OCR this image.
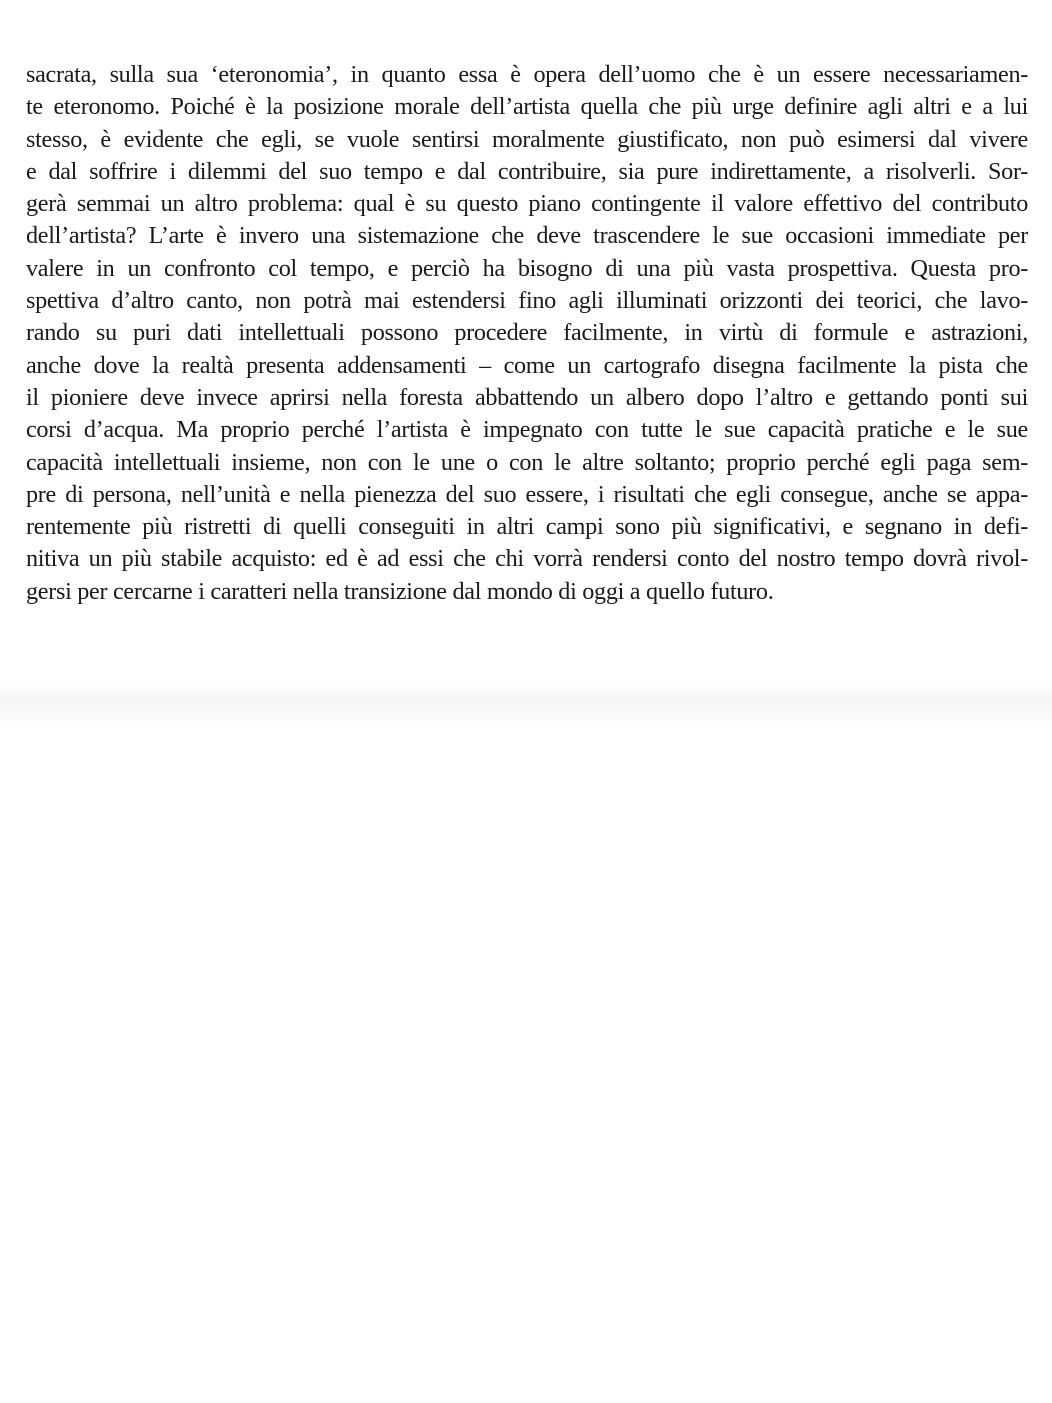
sacrata, sulla sua ‘eteronomia’, in quanto essa è opera dell’uomo che è un essere necessariamen-
te eteronomo. Poiché è la posizione morale dell’artista quella che più urge definire agli altri e a lui
stesso, è evidente che egli, se vuole sentirsi moralmente giustificato, non può esimersi dal vivere
e dal soffrire i dilemmi del suo tempo e dal contribuire, sia pure indirettamente, a risolverli. Sor-
gerà semmai un altro problema: qual è su questo piano contingente il valore effettivo del contributo
dell’artista? L’arte è invero una sistemazione che deve trascendere le sue occasioni immediate per
valere in un confronto col tempo, e perciò ha bisogno di una più vasta prospettiva. Questa pro-
spettiva d’altro canto, non potrà mai estendersi fino agli illuminati orizzonti dei teorici, che lavo-
rando su puri dati intellettuali possono procedere facilmente, in virtù di formule e astrazioni,
anche dove la realtà presenta addensamenti – come un cartografo disegna facilmente la pista che
il pioniere deve invece aprirsi nella foresta abbattendo un albero dopo l’altro e gettando ponti sui
corsi d’acqua. Ma proprio perché l’artista è impegnato con tutte le sue capacità pratiche e le sue
capacità intellettuali insieme, non con le une o con le altre soltanto; proprio perché egli paga sem-
pre di persona, nell’unità e nella pienezza del suo essere, i risultati che egli consegue, anche se appa-
rentemente più ristretti di quelli conseguiti in altri campi sono più significativi, e segnano in defi-
nitiva un più stabile acquisto: ed è ad essi che chi vorrà rendersi conto del nostro tempo dovrà rivol-
gersi per cercarne i caratteri nella transizione dal mondo di oggi a quello futuro.
